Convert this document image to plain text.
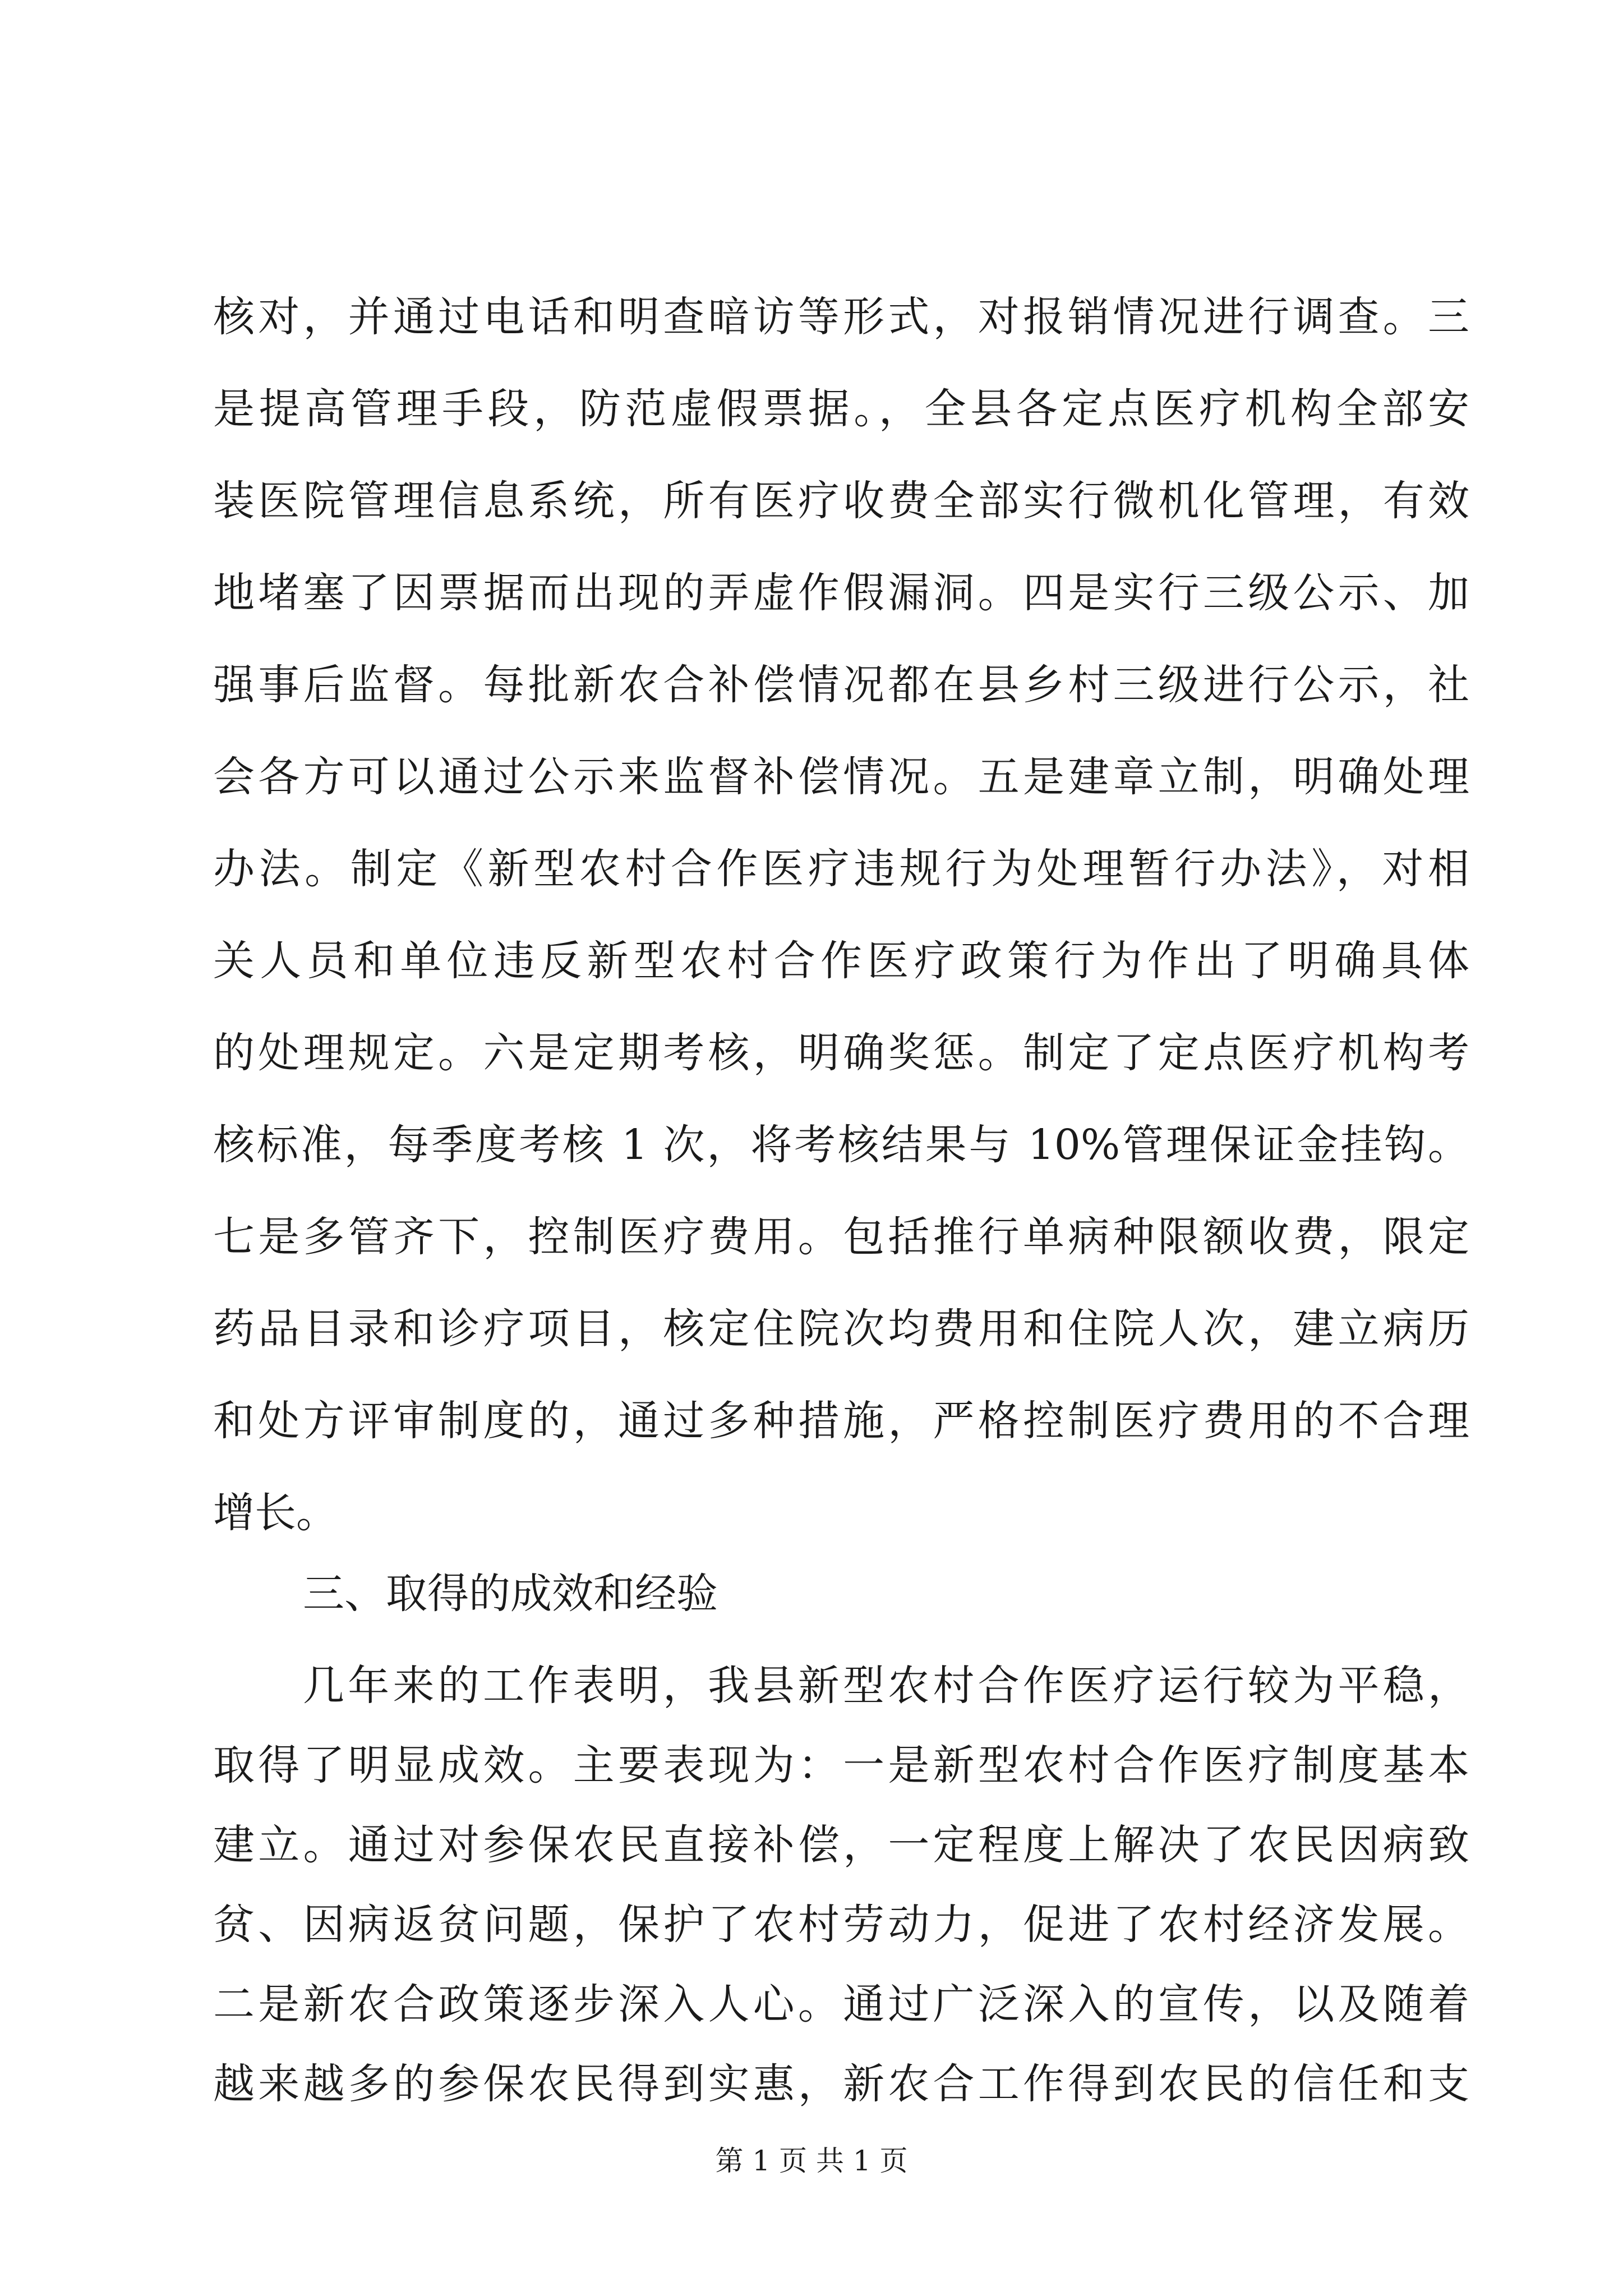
核对，并通过电话和明查暗访等形式，对报销情况进行调查。三
是提高管理手段，防范虚假票据。，全县各定点医疗机构全部安
装医院管理信息系统，所有医疗收费全部实行微机化管理，有效
地堵塞了因票据而出现的弄虚作假漏洞。四是实行三级公示、加
强事后监督。每批新农合补偿情况都在县乡村三级进行公示，社
会各方可以通过公示来监督补偿情况。五是建章立制，明确处理
办法。制定《新型农村合作医疗违规行为处理暂行办法》，对相
关人员和单位违反新型农村合作医疗政策行为作出了明确具体
的处理规定。六是定期考核，明确奖惩。制定了定点医疗机构考
核标准，每季度考核 1 次，将考核结果与 10%管理保证金挂钩。
七是多管齐下，控制医疗费用。包括推行单病种限额收费，限定
药品目录和诊疗项目，核定住院次均费用和住院人次，建立病历
和处方评审制度的，通过多种措施，严格控制医疗费用的不合理
增长。
三、取得的成效和经验
几年来的工作表明，我县新型农村合作医疗运行较为平稳，
取得了明显成效。主要表现为：一是新型农村合作医疗制度基本
建立。通过对参保农民直接补偿，一定程度上解决了农民因病致
贫、因病返贫问题，保护了农村劳动力，促进了农村经济发展。
二是新农合政策逐步深入人心。通过广泛深入的宣传，以及随着
第 1 页 共 1 页
越来越多的参保农民得到实惠，新农合工作得到农民的信任和支
